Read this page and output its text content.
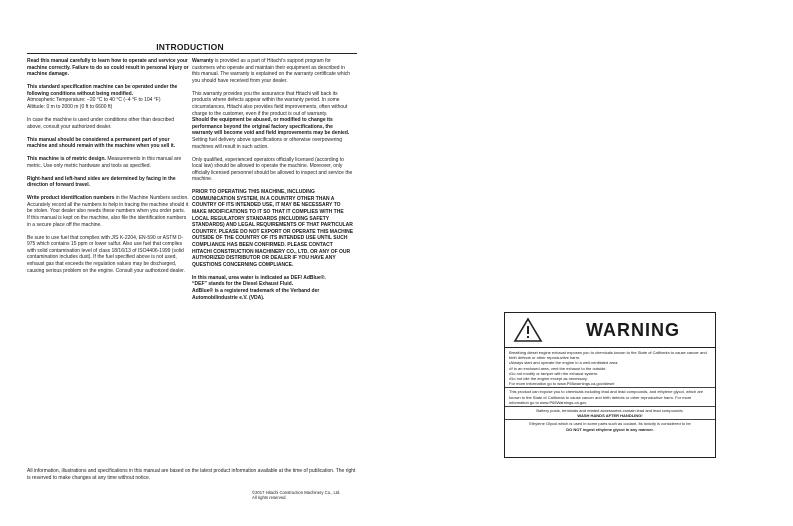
INTRODUCTION

Read this manual carefully to learn how to operate and service your machine correctly. Failure to do so could result in personal injury or machine damage.

This standard specification machine can be operated under the following conditions without being modified.
Atmospheric Temperature: −20 °C to 40 °C (−4 °F to 104 °F)
Altitude: 0 m to 2000 m (0 ft to 6600 ft)

In case the machine is used under conditions other than described above, consult your authorized dealer.

This manual should be considered a permanent part of your machine and should remain with the machine when you sell it.

This machine is of metric design. Measurements in this manual are metric. Use only metric hardware and tools as specified.

Right-hand and left-hand sides are determined by facing in the direction of forward travel.

Write product identification numbers in the Machine Numbers section. Accurately record all the numbers to help in tracing the machine should it be stolen. Your dealer also needs these numbers when you order parts. If this manual is kept on the machine, also file the identification numbers in a secure place off the machine.

Be sure to use fuel that complies with JIS K-2204, EN-590 or ASTM D-975 which contains 15 ppm or lower sulfur. Also use fuel that complies with solid contamination level of class 18/16/13 of ISO4406-1999 (solid contamination includes dust). If the fuel specified above is not used, exhaust gas that exceeds the regulation values may be discharged, causing serious problem on the engine. Consult your authorized dealer.

Warranty is provided as a part of Hitachi's support program for customers who operate and maintain their equipment as described in this manual. The warranty is explained on the warranty certificate which you should have received from your dealer.

This warranty provides you the assurance that Hitachi will back its products where defects appear within the warranty period. In some circumstances, Hitachi also provides field improvements, often without charge to the customer, even if the product is out of warranty.
Should the equipment be abused, or modified to change its performance beyond the original factory specifications, the warranty will become void and field improvements may be denied.
Setting fuel delivery above specifications or otherwise overpowering machines will result in such action.

Only qualified, experienced operators officially licensed (according to local law) should be allowed to operate the machine. Moreover, only officially licensed personnel should be allowed to inspect and service the machine.

PRIOR TO OPERATING THIS MACHINE, INCLUDING COMMUNICATION SYSTEM, IN A COUNTRY OTHER THAN A COUNTRY OF ITS INTENDED USE, IT MAY BE NECESSARY TO MAKE MODIFICATIONS TO IT SO THAT IT COMPLIES WITH THE LOCAL REGULATORY STANDARDS (INCLUDING SAFETY STANDARDS) AND LEGAL REQUIREMENTS OF THAT PARTICULAR COUNTRY. PLEASE DO NOT EXPORT OR OPERATE THIS MACHINE OUTSIDE OF THE COUNTRY OF ITS INTENDED USE UNTIL SUCH COMPLIANCE HAS BEEN CONFIRMED. PLEASE CONTACT HITACHI CONSTRUCTION MACHINERY CO., LTD. OR ANY OF OUR AUTHORIZED DISTRIBUTOR OR DEALER IF YOU HAVE ANY QUESTIONS CONCERNING COMPLIANCE.

In this manual, urea water is indicated as DEF/ AdBlue®.
“DEF” stands for the Diesel Exhaust Fluid.
AdBlue® is a registered trademark of the Verband der Automobilindustrie e.V. (VDA).

All information, illustrations and specifications in this manual are based on the latest product information available at the time of publication. The right is reserved to make changes at any time without notice.
©2017 Hitachi Construction Machinery Co., Ltd.
All rights reserved.
WARNING

Breathing diesel engine exhaust exposes you to chemicals known to the State of California to cause cancer and birth defects or other reproductive harm.

• Always start and operate the engine in a well-ventilated area.

• If in an enclosed area, vent the exhaust to the outside.

• Do not modify or tamper with the exhaust system.

• Do not idle the engine except as necessary.

For more information go to www.P65warnings.ca.gov/diesel

This product can expose you to chemicals including lead and lead compounds, and ethylene glycol, which are known to the State of California to cause cancer and birth defects or other reproductive harm. For more information go to www.P65Warnings.ca.gov.

Battery posts, terminals and related accessories contain lead and lead compounds.

WASH HANDS AFTER HANDLING!

Ethylene Glycol which is used in some parts such as coolant. Its toxicity is considered to be

DO NOT ingest ethylene glycol in any manner.
